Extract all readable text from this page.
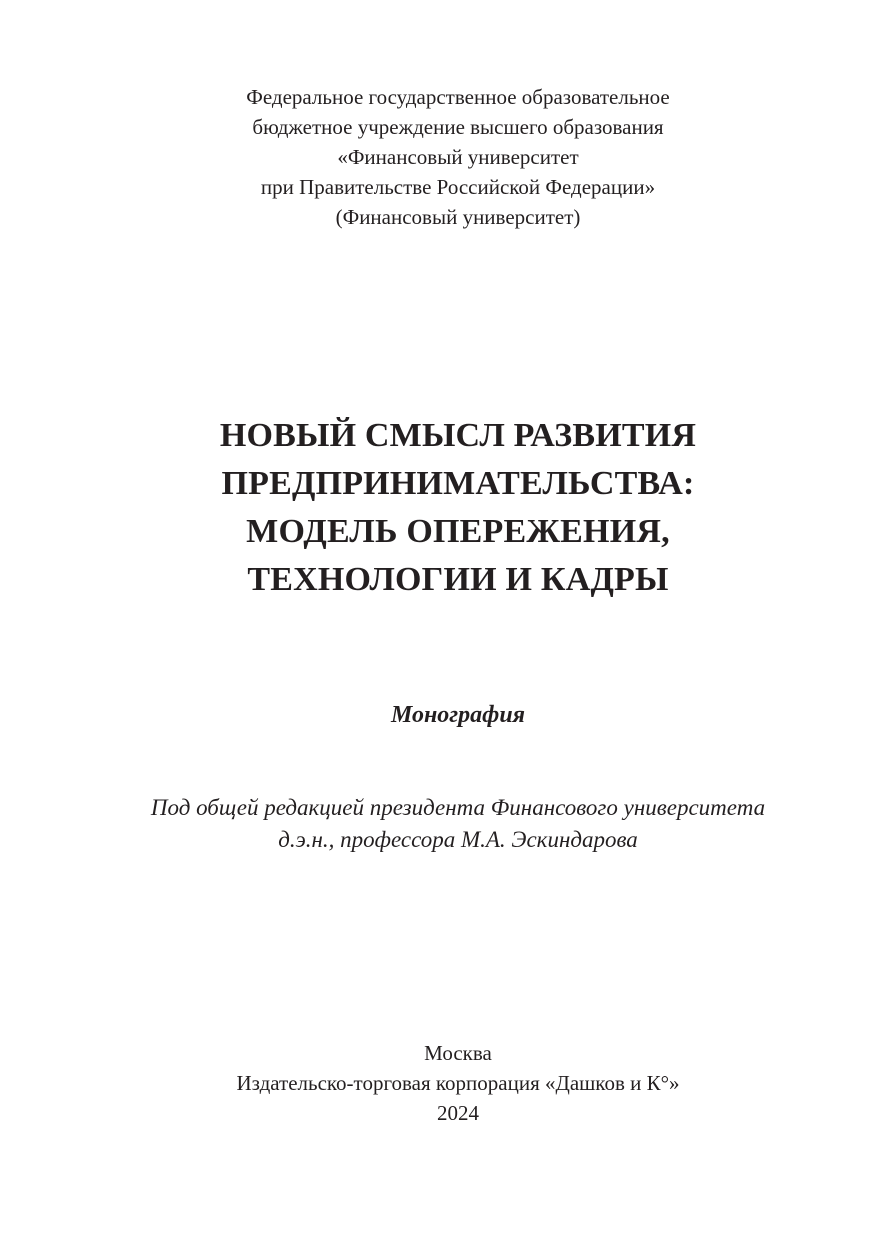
Федеральное государственное образовательное
бюджетное учреждение высшего образования
«Финансовый университет
при Правительстве Российской Федерации»
(Финансовый университет)
НОВЫЙ СМЫСЛ РАЗВИТИЯ
ПРЕДПРИНИМАТЕЛЬСТВА:
МОДЕЛЬ ОПЕРЕЖЕНИЯ,
ТЕХНОЛОГИИ И КАДРЫ
Монография
Под общей редакцией президента Финансового университета
д.э.н., профессора М.А. Эскиндарова
Москва
Издательско-торговая корпорация «Дашков и К°»
2024
